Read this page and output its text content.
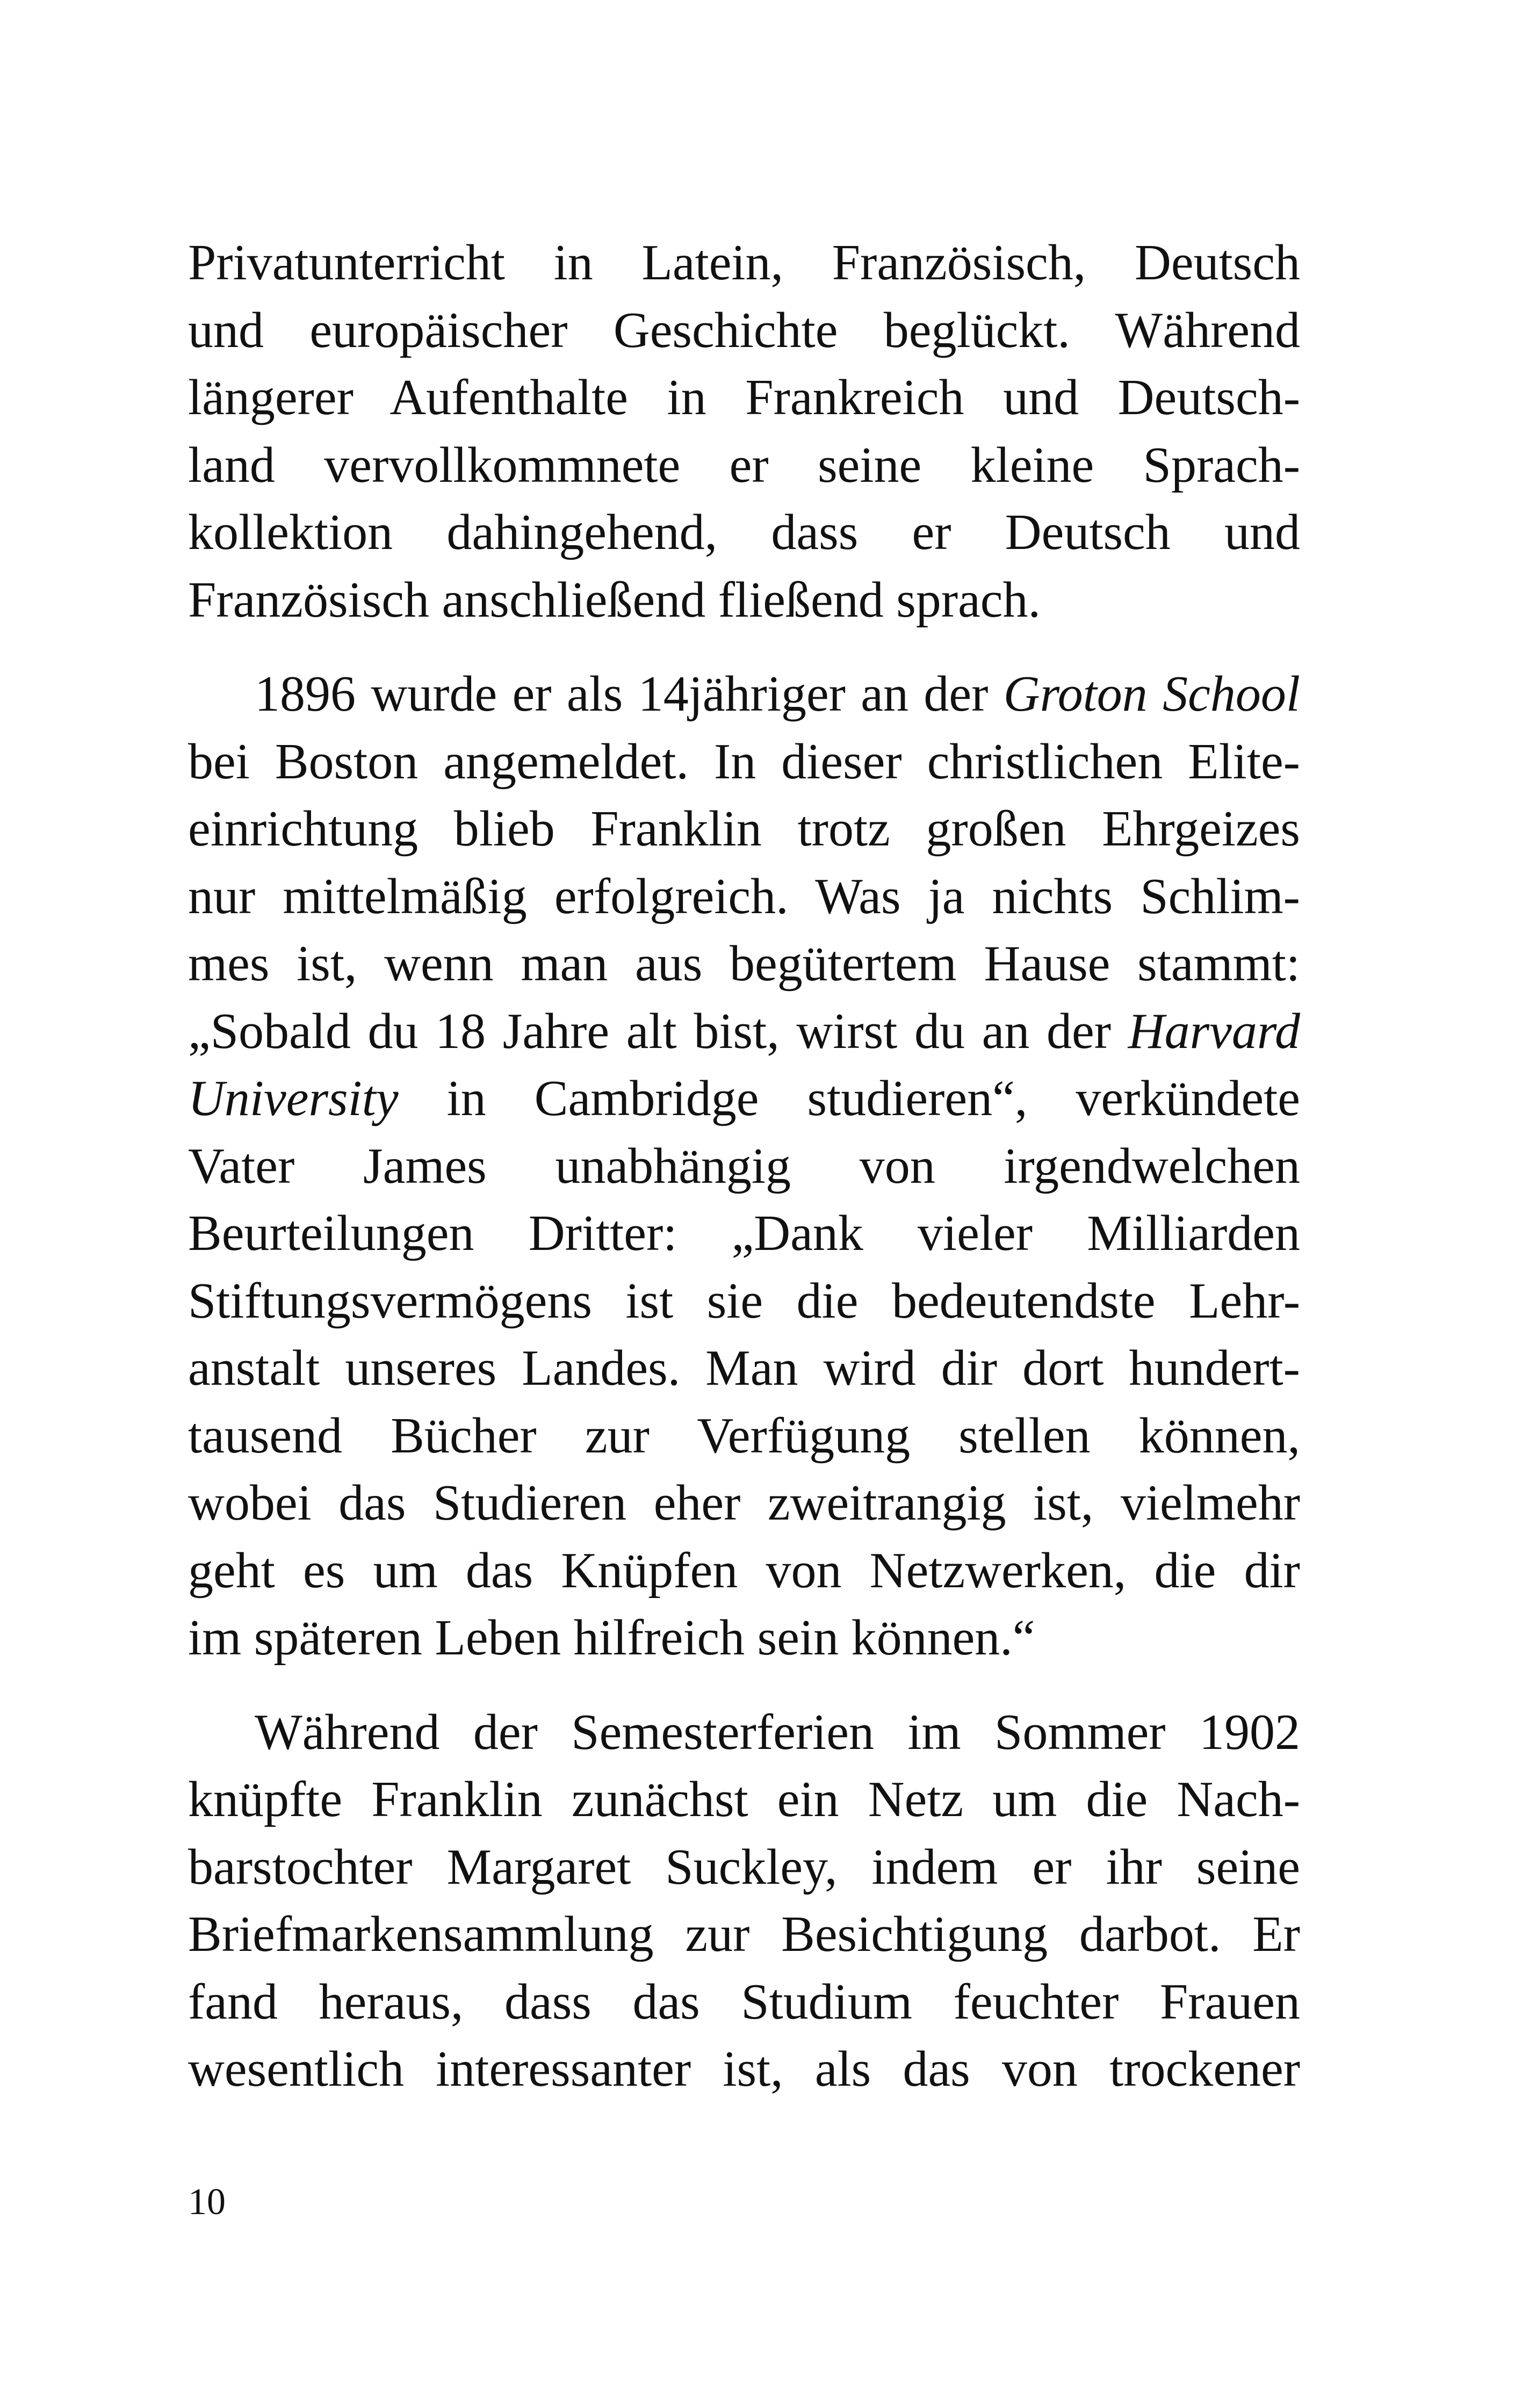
Privatunterricht in Latein, Französisch, Deutsch
und europäischer Geschichte beglückt. Während
längerer Aufenthalte in Frankreich und Deutsch-
land vervollkommnete er seine kleine Sprach-
kollektion dahingehend, dass er Deutsch und
Französisch anschließend fließend sprach.
1896 wurde er als 14jähriger an der Groton School
bei Boston angemeldet. In dieser christlichen Elite-
einrichtung blieb Franklin trotz großen Ehrgeizes
nur mittelmäßig erfolgreich. Was ja nichts Schlim-
mes ist, wenn man aus begütertem Hause stammt:
„Sobald du 18 Jahre alt bist, wirst du an der Harvard
University in Cambridge studieren“, verkündete
Vater James unabhängig von irgendwelchen
Beurteilungen Dritter: „Dank vieler Milliarden
Stiftungsvermögens ist sie die bedeutendste Lehr-
anstalt unseres Landes. Man wird dir dort hundert-
tausend Bücher zur Verfügung stellen können,
wobei das Studieren eher zweitrangig ist, vielmehr
geht es um das Knüpfen von Netzwerken, die dir
im späteren Leben hilfreich sein können.“
Während der Semesterferien im Sommer 1902
knüpfte Franklin zunächst ein Netz um die Nach-
barstochter Margaret Suckley, indem er ihr seine
Briefmarkensammlung zur Besichtigung darbot. Er
fand heraus, dass das Studium feuchter Frauen
wesentlich interessanter ist, als das von trockener
10
